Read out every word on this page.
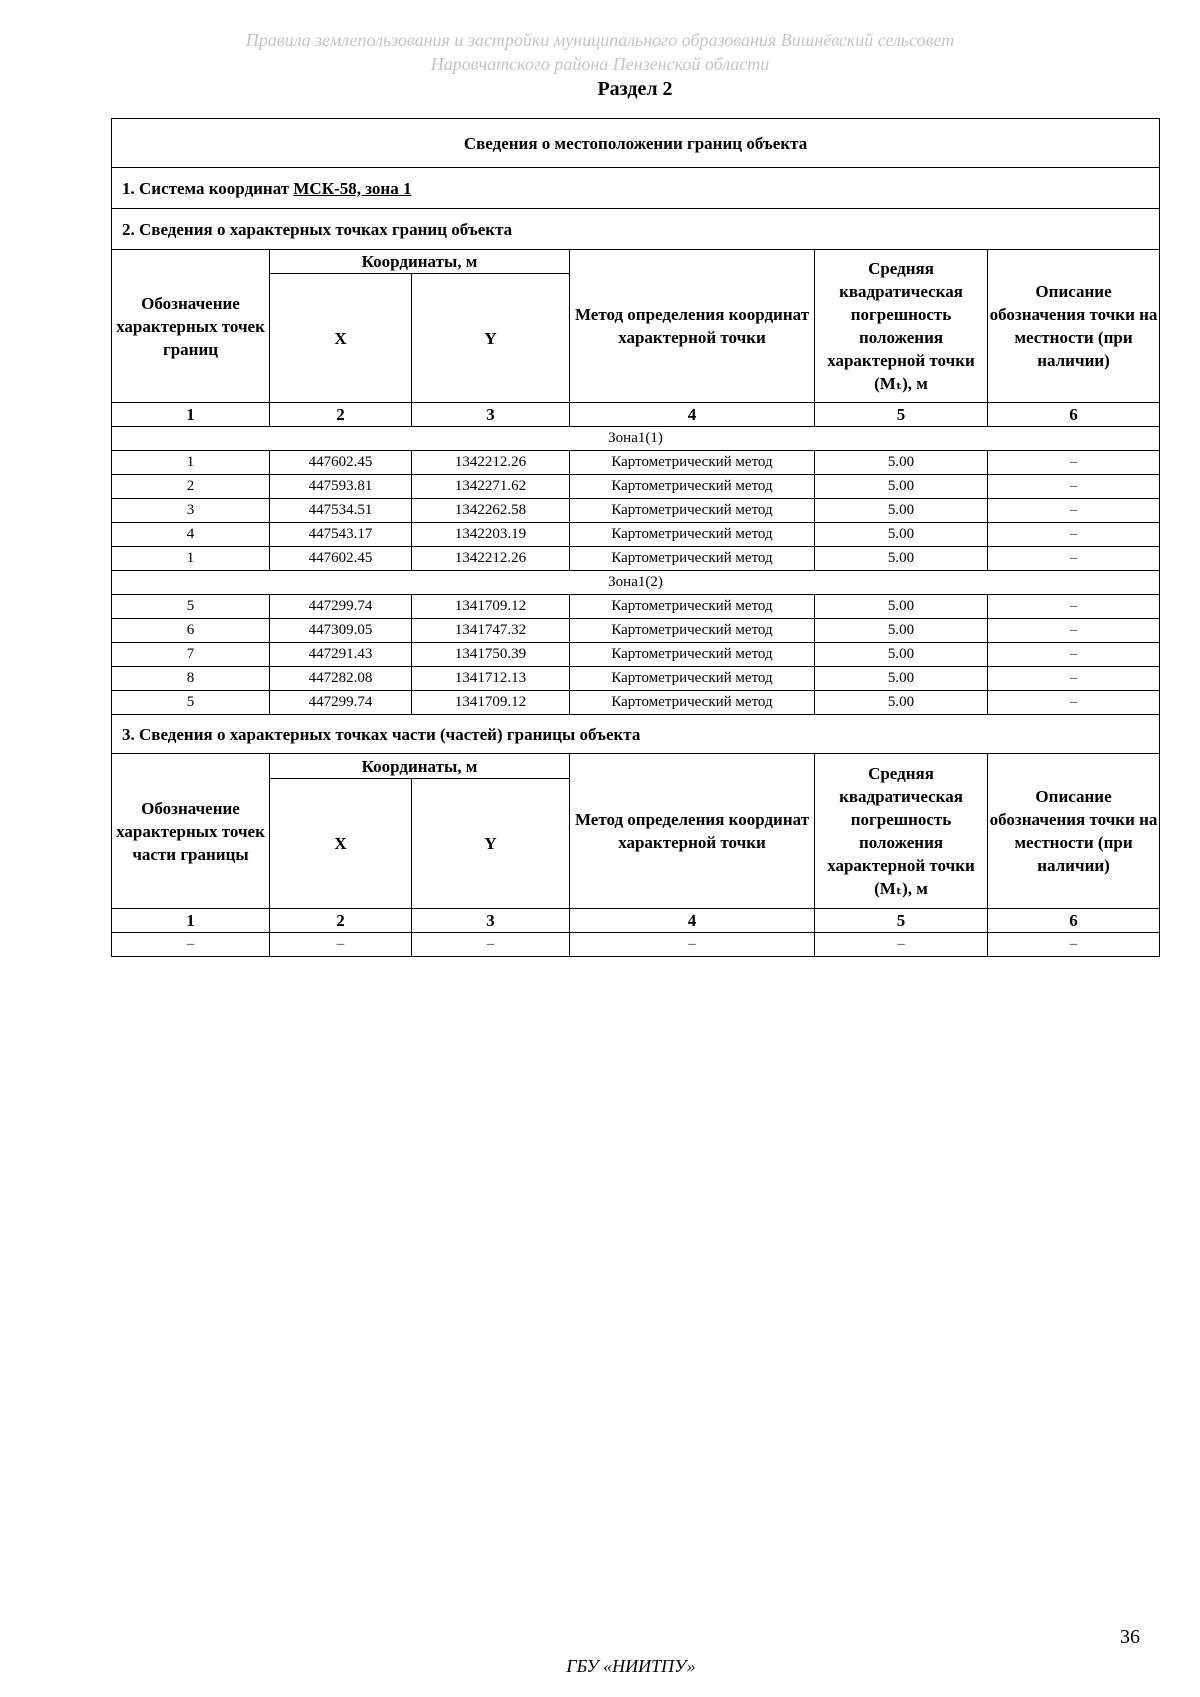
Правила землепользования и застройки муниципального образования Вишнёвский сельсовет
Наровчатского района Пензенской области
Раздел 2
Сведения о местоположении границ объекта					
1. Система координат МСК-58, зона 1					
2. Сведения о характерных точках границ объекта					
Обозначение характерных точек границ	Координаты, м		Метод определения координат характерной точки	Средняя квадратическая погрешность положения характерной точки (Mₜ), м	Описание обозначения точки на местности (при наличии)
	X	Y			
1	2	3	4	5	6
Зона1(1)					
1	447602.45	1342212.26	Картометрический метод	5.00	–
2	447593.81	1342271.62	Картометрический метод	5.00	–
3	447534.51	1342262.58	Картометрический метод	5.00	–
4	447543.17	1342203.19	Картометрический метод	5.00	–
1	447602.45	1342212.26	Картометрический метод	5.00	–
Зона1(2)					
5	447299.74	1341709.12	Картометрический метод	5.00	–
6	447309.05	1341747.32	Картометрический метод	5.00	–
7	447291.43	1341750.39	Картометрический метод	5.00	–
8	447282.08	1341712.13	Картометрический метод	5.00	–
5	447299.74	1341709.12	Картометрический метод	5.00	–
3. Сведения о характерных точках части (частей) границы объекта					
Обозначение характерных точек части границы	Координаты, м		Метод определения координат характерной точки	Средняя квадратическая погрешность положения характерной точки (Mₜ), м	Описание обозначения точки на местности (при наличии)
	X	Y			
1	2	3	4	5	6
–	–	–	–	–	–
36
ГБУ «НИИТПУ»
